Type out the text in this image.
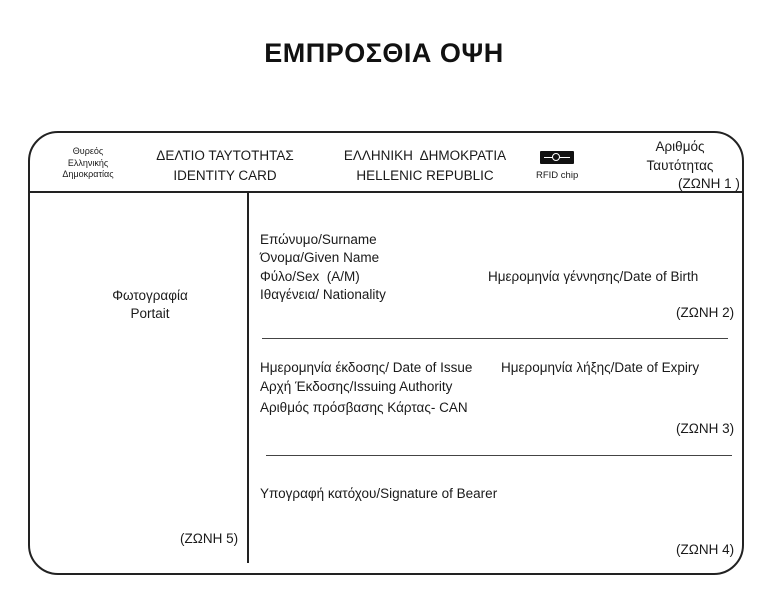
ΕΜΠΡΟΣΘΙΑ ΟΨΗ
Θυρεός
Ελληνικής
Δημοκρατίας
ΔΕΛΤΙΟ ΤΑΥΤΟΤΗΤΑΣ
IDENTITY CARD
ΕΛΛΗΝΙΚΗ  ΔΗΜΟΚΡΑΤΙΑ
HELLENIC REPUBLIC	RFID chip
Αριθμός
Ταυτότητας
(ΖΩΝΗ 1 )
Φωτογραφία
Portait
(ΖΩΝΗ 5)
Επώνυμο/Surname
Όνομα/Given Name
Φύλο/Sex  (A/M)
Ιθαγένεια/ Nationality
Ημερομηνία γέννησης/Date of Birth
(ΖΩΝΗ 2)
Ημερομηνία έκδοσης/ Date of Issue Ημερομηνία λήξης/Date of Expiry
Αρχή Έκδοσης/Issuing Authority
Αριθμός πρόσβασης Κάρτας- CAN
(ΖΩΝΗ 3)
Υπογραφή κατόχου/Signature of Bearer
(ΖΩΝΗ 4)
